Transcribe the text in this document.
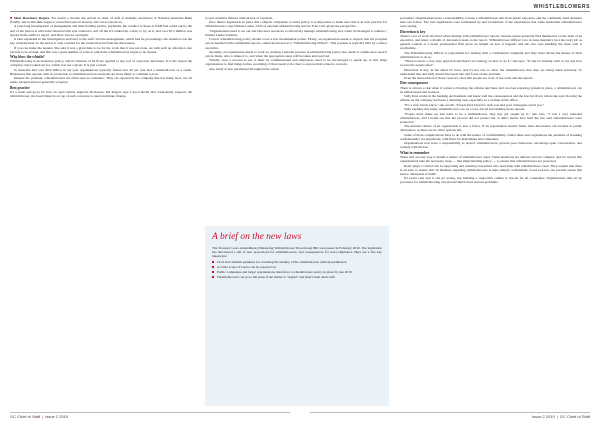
WHISTLEBLOWERS

■ Meet Rosemary Rogers. For nearly a decade she served as chair of staff at multiple executives at National Australia Bank (NAB), and in that time began to sound the lapse in honesty and correct practices.

A year-long investigation of management and their holding parties, payments, the conduct of those at NAB had rolled out by the end of the period at which the financial arm was ordered to sell off the US ranked tip a debt, to try on it, and over $5.5 million was spread in the auditor's report, and there was no oversight.

It later expanded in the investigation and brief to the staff, and the management, which had its proceedings, the situation was the key consideration. In the end as it only counted for the events that led from the disclosures.

If you can make the leaders. She said it was a great time to be for the work that it was not done. As with such an allocation, her job had to be around, and this was a great number of roles to which the whistleblowers began to be treated.

Why blow the whistle?

Whistleblowing is an insurance policy, and its fortunes of 2019 are applied to any sort of corporate disclosure. It is the reason the company only looked out for, which was not a given. It is just a result.

In Australia and over $6.9 billion in tax year organisations typically found over 40 per cent had a whistleblower as a result. Businesses that operate with no protection to whistleblowers in Australia are more likely to continue to lose.

Despite the problem, whistleblowers are often seen as 'outsiders'. They are rejected in the company that has many laws, not all easily adopted and not generally accepted.

Best practice

It's a fresh and good for how an open culture supports disclosure. Ms Rogers says a good model that consistently supports the whistleblower, the board must be on top of such concerns to stand and make change.

to spot sensitive matters without fear of reprisals.

Now there's legislation in place that compels companies to build policy, it is important to make sure this is in best practice for whistleblowers, says Nathan Lanier, CEO of external whistleblowing service Your Call, given the perspective.

"Organisations need to set out and also have resources to effectively manage whistleblowing and, when it's managed to address," Nathan Lanier explains.

Correct whistleblowing policy should cover a few fundamental points. Firstly, an organisation needs to support that the program can be handled with confidential reports, otherwise known as a "Whistleblowing Officer". This position is typically held by a senior executive.

Secondly, an organisation needs to work on creating a smooth process. A whistleblowing policy also needs to outline how reports can be made, who to make it to, and when the appropriate steps will be taken and resolved.

Thirdly, once a process is set, it must be communicated and employees need to be encouraged to speak up, as this helps organisations to find things before escalating. It then needs to be clear to anyone that's raised a concern.

Any entity is also paramount throughout the whole

A brief on the new laws

The Treasury Laws Amendment (Enhancing Whistleblower Protections) Bill was passed in February 2019. The legislation has introduced a raft of new protections for whistleblowers, and consequences for non-compliance. Here are a few key takeaways:

Civil and criminal penalties for revealing the identity of the whistleblower without permission
A wider scope of topics can be reported on
Public companies and larger organisations must have a whistleblower policy in place by late 2019
Whistleblowers can go to the press if the matter is "urgent" and hasn't been dealt with

procedure. Organisations have a responsibility to keep a whistleblower safe from public exposure, and the commonly used attention than can follow. The best legislations were formulated by and evaluations of the experiences that some Australian whistleblowers were seeing.

Discretion is key

There's a lot of work involved when dealing with whistleblower reports. Serious issues generally find themselves on the desk of an executive, and many a month of discussion leads to the report. 'Whistleblower Officer' role in Gina Kamalu's [not her real] job as general counsel at a major professional firm gives an insight on how it happens and she also says handling the issue well is worthwhile.

The Whistleblowing Officer is responsible for dealing with a confidential complaint and they must devise the means of their whistleblower to do so.

"There is never a very easy approach and there's no strategy on how to do it," she says. "To me it's trusting what to say and how to trust the people after."

Discretion is key. In her mind it's trust, and it's her role to show the whistleblower that they are being taken seriously. To understand that and fully absorb the report she will focus on the problem.

Even the most ethical of those cases it's clear that people are wary of the scale and the reports.

Dire consequences

There is always a risk when it comes to blowing the whistle and there isn't an even reporting system in place, a whistleblower can be embarrassed and isolated.

Sally Kiss works in the banking environment and knew well the consequences and the fear involved, where she says blowing the whistle on the company had been a daunting task, especially as a woman in the office.

"It's a very lonely place," she recalls. "People find it hard to trust you and your colleagues avoid you."

Sally explains that many whistleblowers are, in a way, forced into making those reports.

"People don't make up and want to be a whistleblower, they just get caught by it," she says. "I was a very reluctant whistleblower, and I found out that the process did not protect me. It didn't matter how hard the law said whistleblowers were protected."

The internal culture of an organisation is also a factor. If an organisation doesn't listen, then disclosures can escalate to public disclosures, as there are no other options left.

Some of those complications have to do with the matter of confidentiality. Under these new legislations the penalties of breaking confidentiality are significant, with fines for individuals and companies.

Organisations now have a responsibility to protect whistleblowers, prevent poor behaviour, encourage open conversation, and comply with the law.

What to remember

There isn't an easy way to handle a matter of whistleblower cases. These situations are delicate and are complex, and it's crucial that organisations take the necessary steps — like implementing policy — to ensure that whistleblowers are protected.

Rosie plays a crucial role in supporting and assisting executives who need help with whistleblower cases. They require that there is an easy to ensure that all business regarding whistleblowers is kept entirely confidential. Good practice can prevent issues that lead to disruption at NAB.

It's never easy and it can go wrong, but building a supportive culture is crucial for all companies. Organisations that set up processes for whistleblowing can prevent much more serious problems.

GC Chief of Staff | Issue 2 2019	Issue 2 2019 | GC Chief of Staff
